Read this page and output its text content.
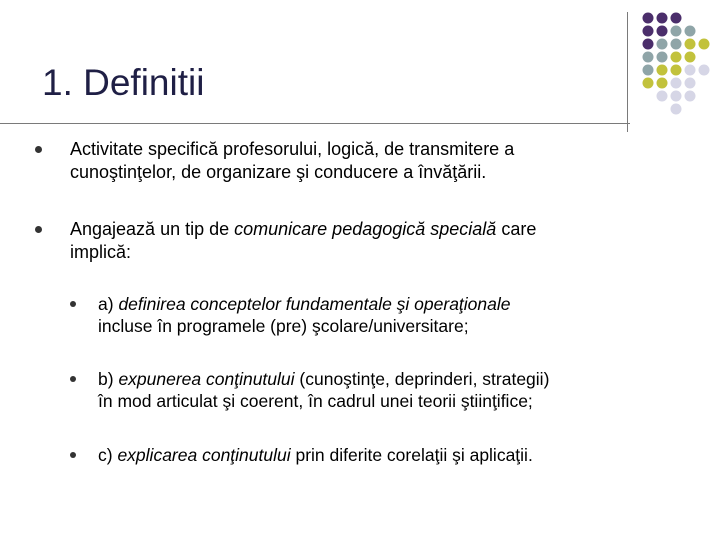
1. Definitii
Activitate specifică profesorului, logică, de transmitere a
cunoştinţelor, de organizare şi conducere a învăţării.
Angajează un tip de comunicare pedagogică specială care
implică:
a) definirea conceptelor fundamentale şi operaţionale
incluse în programele (pre) şcolare/universitare;
b) expunerea conţinutului (cunoştinţe, deprinderi, strategii)
în mod articulat şi coerent, în cadrul unei teorii ştiinţifice;
c) explicarea conţinutului prin diferite corelaţii şi aplicaţii.
